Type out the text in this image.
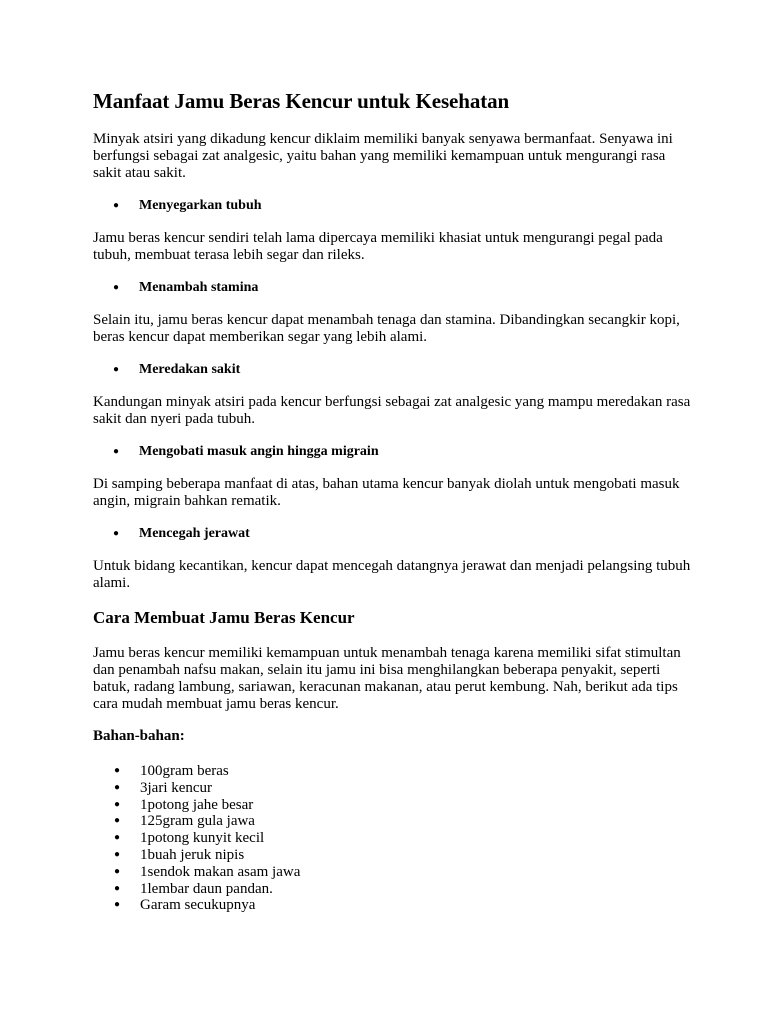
Manfaat Jamu Beras Kencur untuk Kesehatan

Minyak atsiri yang dikadung kencur diklaim memiliki banyak senyawa bermanfaat. Senyawa ini berfungsi sebagai zat analgesic, yaitu bahan yang memiliki kemampuan untuk mengurangi rasa sakit atau sakit.

● Menyegarkan tubuh

Jamu beras kencur sendiri telah lama dipercaya memiliki khasiat untuk mengurangi pegal pada tubuh, membuat terasa lebih segar dan rileks.

● Menambah stamina

Selain itu, jamu beras kencur dapat menambah tenaga dan stamina. Dibandingkan secangkir kopi, beras kencur dapat memberikan segar yang lebih alami.

● Meredakan sakit

Kandungan minyak atsiri pada kencur berfungsi sebagai zat analgesic yang mampu meredakan rasa sakit dan nyeri pada tubuh.

● Mengobati masuk angin hingga migrain

Di samping beberapa manfaat di atas, bahan utama kencur banyak diolah untuk mengobati masuk angin, migrain bahkan rematik.

● Mencegah jerawat

Untuk bidang kecantikan, kencur dapat mencegah datangnya jerawat dan menjadi pelangsing tubuh alami.

Cara Membuat Jamu Beras Kencur

Jamu beras kencur memiliki kemampuan untuk menambah tenaga karena memiliki sifat stimultan dan penambah nafsu makan, selain itu jamu ini bisa menghilangkan beberapa penyakit, seperti batuk, radang lambung, sariawan, keracunan makanan, atau perut kembung. Nah, berikut ada tips cara mudah membuat jamu beras kencur.

Bahan-bahan:
● 100gram beras
● 3jari kencur
● 1potong jahe besar
● 125gram gula jawa
● 1potong kunyit kecil
● 1buah jeruk nipis
● 1sendok makan asam jawa
● 1lembar daun pandan.
● Garam secukupnya
